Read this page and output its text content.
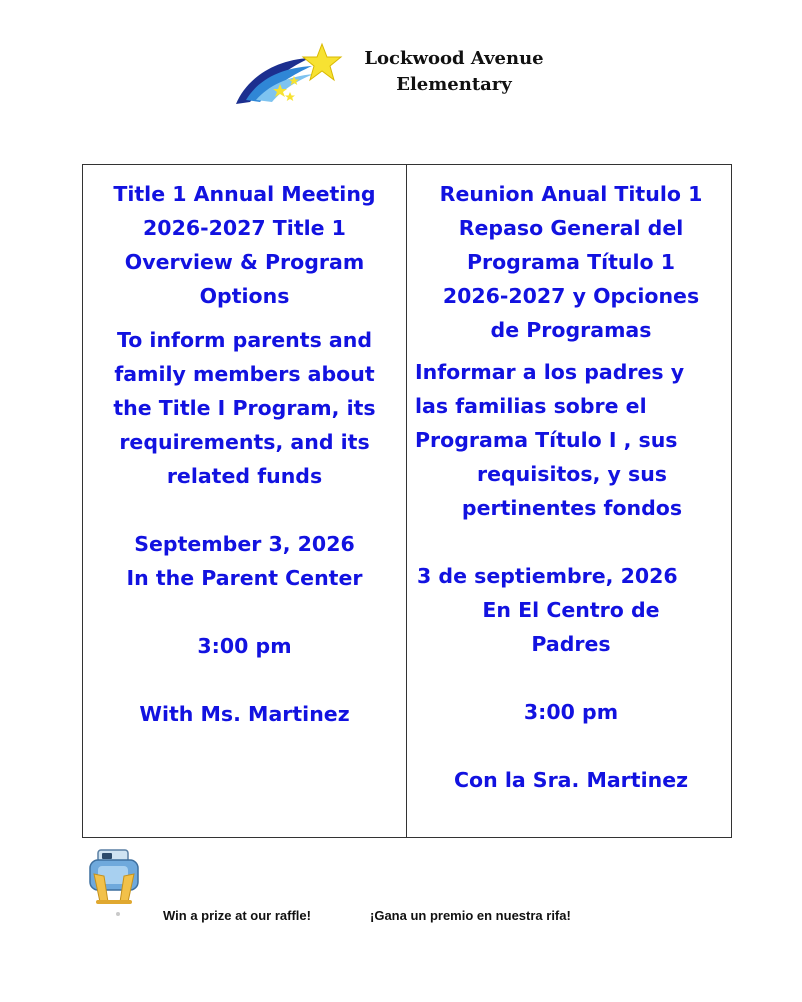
Lockwood Avenue
Elementary

Title 1 Annual Meeting

2026-2027 Title 1

Overview & Program

Options

To inform parents and

family members about

the Title I Program, its

requirements, and its

related funds

September 3, 2026

In the Parent Center

3:00 pm

With Ms. Martinez

Reunion Anual Titulo 1

Repaso General del

Programa Título 1

2026-2027 y Opciones

de Programas

Informar a los padres y

las familias sobre el

Programa Título I , sus

requisitos, y sus

pertinentes fondos

3 de septiembre, 2026

En El Centro de

Padres

3:00 pm

Con la Sra. Martinez

Win a prize at our raffle!	¡Gana un premio en nuestra rifa!
